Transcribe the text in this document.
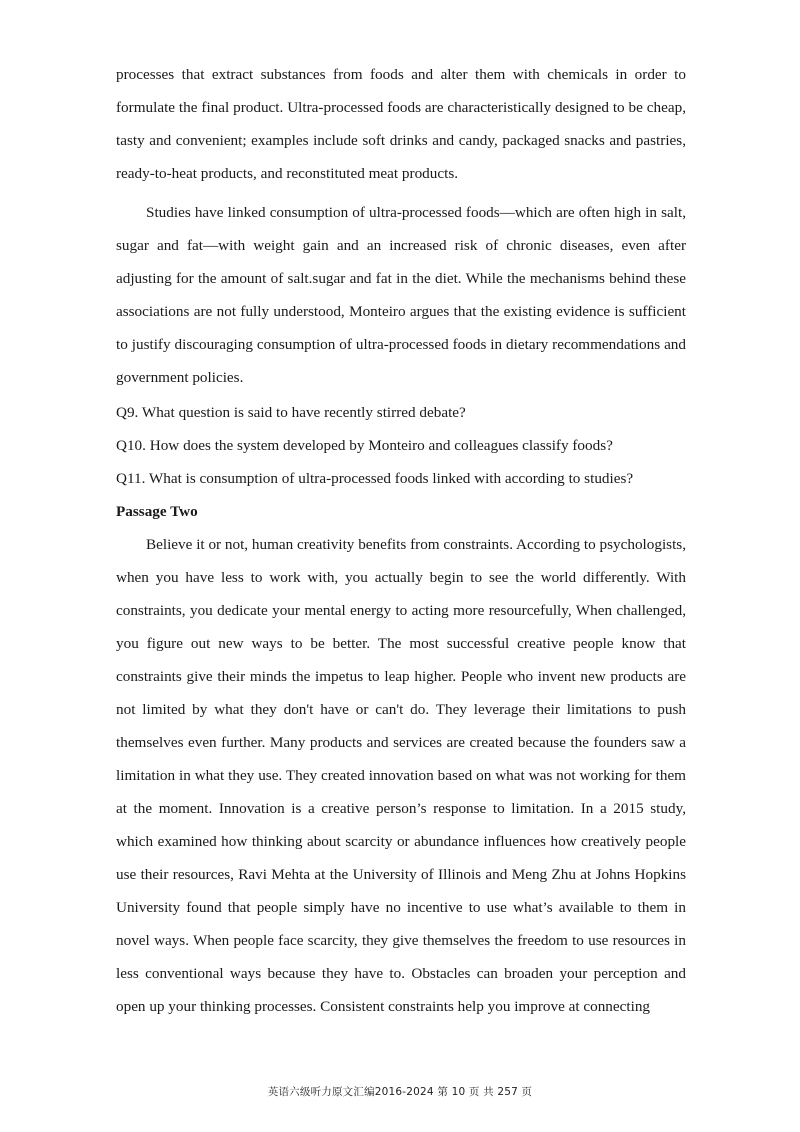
processes that extract substances from foods and alter them with chemicals in order to formulate the final product. Ultra-processed foods are characteristically designed to be cheap, tasty and convenient; examples include soft drinks and candy, packaged snacks and pastries, ready-to-heat products, and reconstituted meat products.

Studies have linked consumption of ultra-processed foods—which are often high in salt, sugar and fat—with weight gain and an increased risk of chronic diseases, even after adjusting for the amount of salt.sugar and fat in the diet. While the mechanisms behind these associations are not fully understood, Monteiro argues that the existing evidence is sufficient to justify discouraging consumption of ultra-processed foods in dietary recommendations and government policies.

Q9. What question is said to have recently stirred debate?

Q10. How does the system developed by Monteiro and colleagues classify foods?

Q11. What is consumption of ultra-processed foods linked with according to studies?

Passage Two

Believe it or not, human creativity benefits from constraints. According to psychologists, when you have less to work with, you actually begin to see the world differently. With constraints, you dedicate your mental energy to acting more resourcefully, When challenged, you figure out new ways to be better. The most successful creative people know that constraints give their minds the impetus to leap higher. People who invent new products are not limited by what they don't have or can't do. They leverage their limitations to push themselves even further. Many products and services are created because the founders saw a limitation in what they use. They created innovation based on what was not working for them at the moment. Innovation is a creative person’s response to limitation. In a 2015 study, which examined how thinking about scarcity or abundance influences how creatively people use their resources, Ravi Mehta at the University of Illinois and Meng Zhu at Johns Hopkins University found that people simply have no incentive to use what’s available to them in novel ways. When people face scarcity, they give themselves the freedom to use resources in less conventional ways because they have to. Obstacles can broaden your perception and open up your thinking processes. Consistent constraints help you improve at connecting

英语六级听力原文汇编2016-2024 第 10 页 共 257 页
